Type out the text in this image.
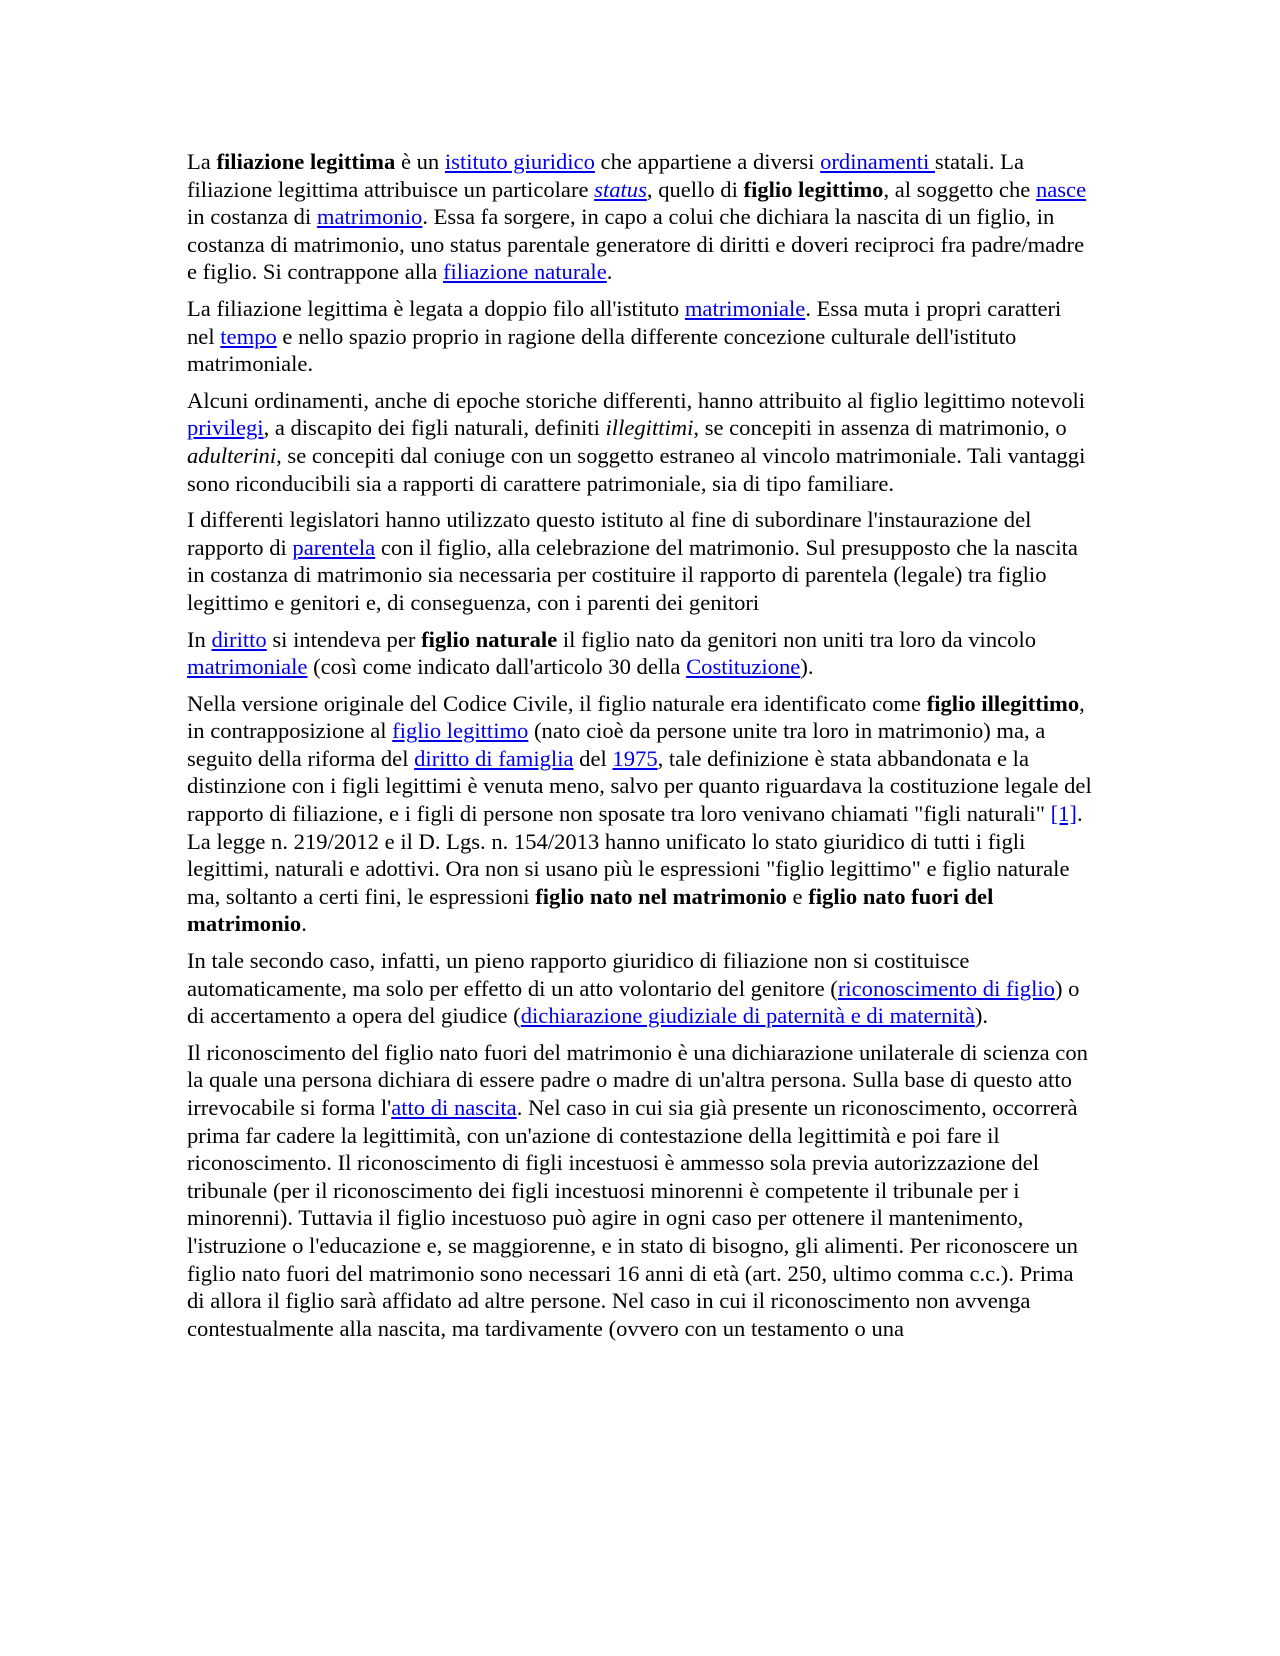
La filiazione legittima è un istituto giuridico che appartiene a diversi ordinamenti statali. La filiazione legittima attribuisce un particolare status, quello di figlio legittimo, al soggetto che nasce in costanza di matrimonio. Essa fa sorgere, in capo a colui che dichiara la nascita di un figlio, in costanza di matrimonio, uno status parentale generatore di diritti e doveri reciproci fra padre/madre e figlio. Si contrappone alla filiazione naturale.

La filiazione legittima è legata a doppio filo all'istituto matrimoniale. Essa muta i propri caratteri nel tempo e nello spazio proprio in ragione della differente concezione culturale dell'istituto matrimoniale.

Alcuni ordinamenti, anche di epoche storiche differenti, hanno attribuito al figlio legittimo notevoli privilegi, a discapito dei figli naturali, definiti illegittimi, se concepiti in assenza di matrimonio, o adulterini, se concepiti dal coniuge con un soggetto estraneo al vincolo matrimoniale. Tali vantaggi sono riconducibili sia a rapporti di carattere patrimoniale, sia di tipo familiare.

I differenti legislatori hanno utilizzato questo istituto al fine di subordinare l'instaurazione del rapporto di parentela con il figlio, alla celebrazione del matrimonio. Sul presupposto che la nascita in costanza di matrimonio sia necessaria per costituire il rapporto di parentela (legale) tra figlio legittimo e genitori e, di conseguenza, con i parenti dei genitori

In diritto si intendeva per figlio naturale il figlio nato da genitori non uniti tra loro da vincolo matrimoniale (così come indicato dall'articolo 30 della Costituzione).

Nella versione originale del Codice Civile, il figlio naturale era identificato come figlio illegittimo, in contrapposizione al figlio legittimo (nato cioè da persone unite tra loro in matrimonio) ma, a seguito della riforma del diritto di famiglia del 1975, tale definizione è stata abbandonata e la distinzione con i figli legittimi è venuta meno, salvo per quanto riguardava la costituzione legale del rapporto di filiazione, e i figli di persone non sposate tra loro venivano chiamati "figli naturali" [1]. La legge n. 219/2012 e il D. Lgs. n. 154/2013 hanno unificato lo stato giuridico di tutti i figli legittimi, naturali e adottivi. Ora non si usano più le espressioni "figlio legittimo" e figlio naturale ma, soltanto a certi fini, le espressioni figlio nato nel matrimonio e figlio nato fuori del matrimonio.

In tale secondo caso, infatti, un pieno rapporto giuridico di filiazione non si costituisce automaticamente, ma solo per effetto di un atto volontario del genitore (riconoscimento di figlio) o di accertamento a opera del giudice (dichiarazione giudiziale di paternità e di maternità).

Il riconoscimento del figlio nato fuori del matrimonio è una dichiarazione unilaterale di scienza con la quale una persona dichiara di essere padre o madre di un'altra persona. Sulla base di questo atto irrevocabile si forma l'atto di nascita. Nel caso in cui sia già presente un riconoscimento, occorrerà prima far cadere la legittimità, con un'azione di contestazione della legittimità e poi fare il riconoscimento. Il riconoscimento di figli incestuosi è ammesso sola previa autorizzazione del tribunale (per il riconoscimento dei figli incestuosi minorenni è competente il tribunale per i minorenni). Tuttavia il figlio incestuoso può agire in ogni caso per ottenere il mantenimento, l'istruzione o l'educazione e, se maggiorenne, e in stato di bisogno, gli alimenti. Per riconoscere un figlio nato fuori del matrimonio sono necessari 16 anni di età (art. 250, ultimo comma c.c.). Prima di allora il figlio sarà affidato ad altre persone. Nel caso in cui il riconoscimento non avvenga contestualmente alla nascita, ma tardivamente (ovvero con un testamento o una
